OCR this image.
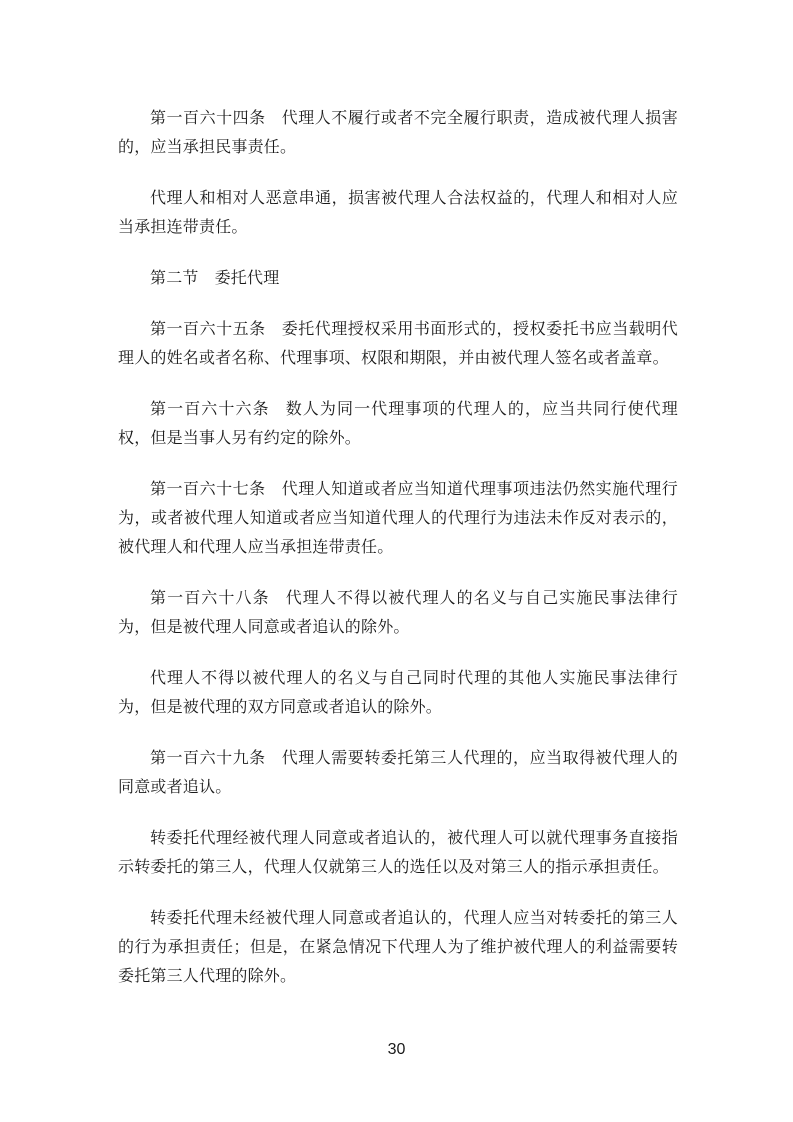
第一百六十四条 代理人不履行或者不完全履行职责，造成被代理人损害的，应当承担民事责任。

代理人和相对人恶意串通，损害被代理人合法权益的，代理人和相对人应当承担连带责任。

第二节 委托代理

第一百六十五条 委托代理授权采用书面形式的，授权委托书应当载明代理人的姓名或者名称、代理事项、权限和期限，并由被代理人签名或者盖章。

第一百六十六条 数人为同一代理事项的代理人的，应当共同行使代理权，但是当事人另有约定的除外。

第一百六十七条 代理人知道或者应当知道代理事项违法仍然实施代理行为，或者被代理人知道或者应当知道代理人的代理行为违法未作反对表示的，被代理人和代理人应当承担连带责任。

第一百六十八条 代理人不得以被代理人的名义与自己实施民事法律行为，但是被代理人同意或者追认的除外。

代理人不得以被代理人的名义与自己同时代理的其他人实施民事法律行为，但是被代理的双方同意或者追认的除外。

第一百六十九条 代理人需要转委托第三人代理的，应当取得被代理人的同意或者追认。

转委托代理经被代理人同意或者追认的，被代理人可以就代理事务直接指示转委托的第三人，代理人仅就第三人的选任以及对第三人的指示承担责任。

转委托代理未经被代理人同意或者追认的，代理人应当对转委托的第三人的行为承担责任；但是，在紧急情况下代理人为了维护被代理人的利益需要转委托第三人代理的除外。

30
